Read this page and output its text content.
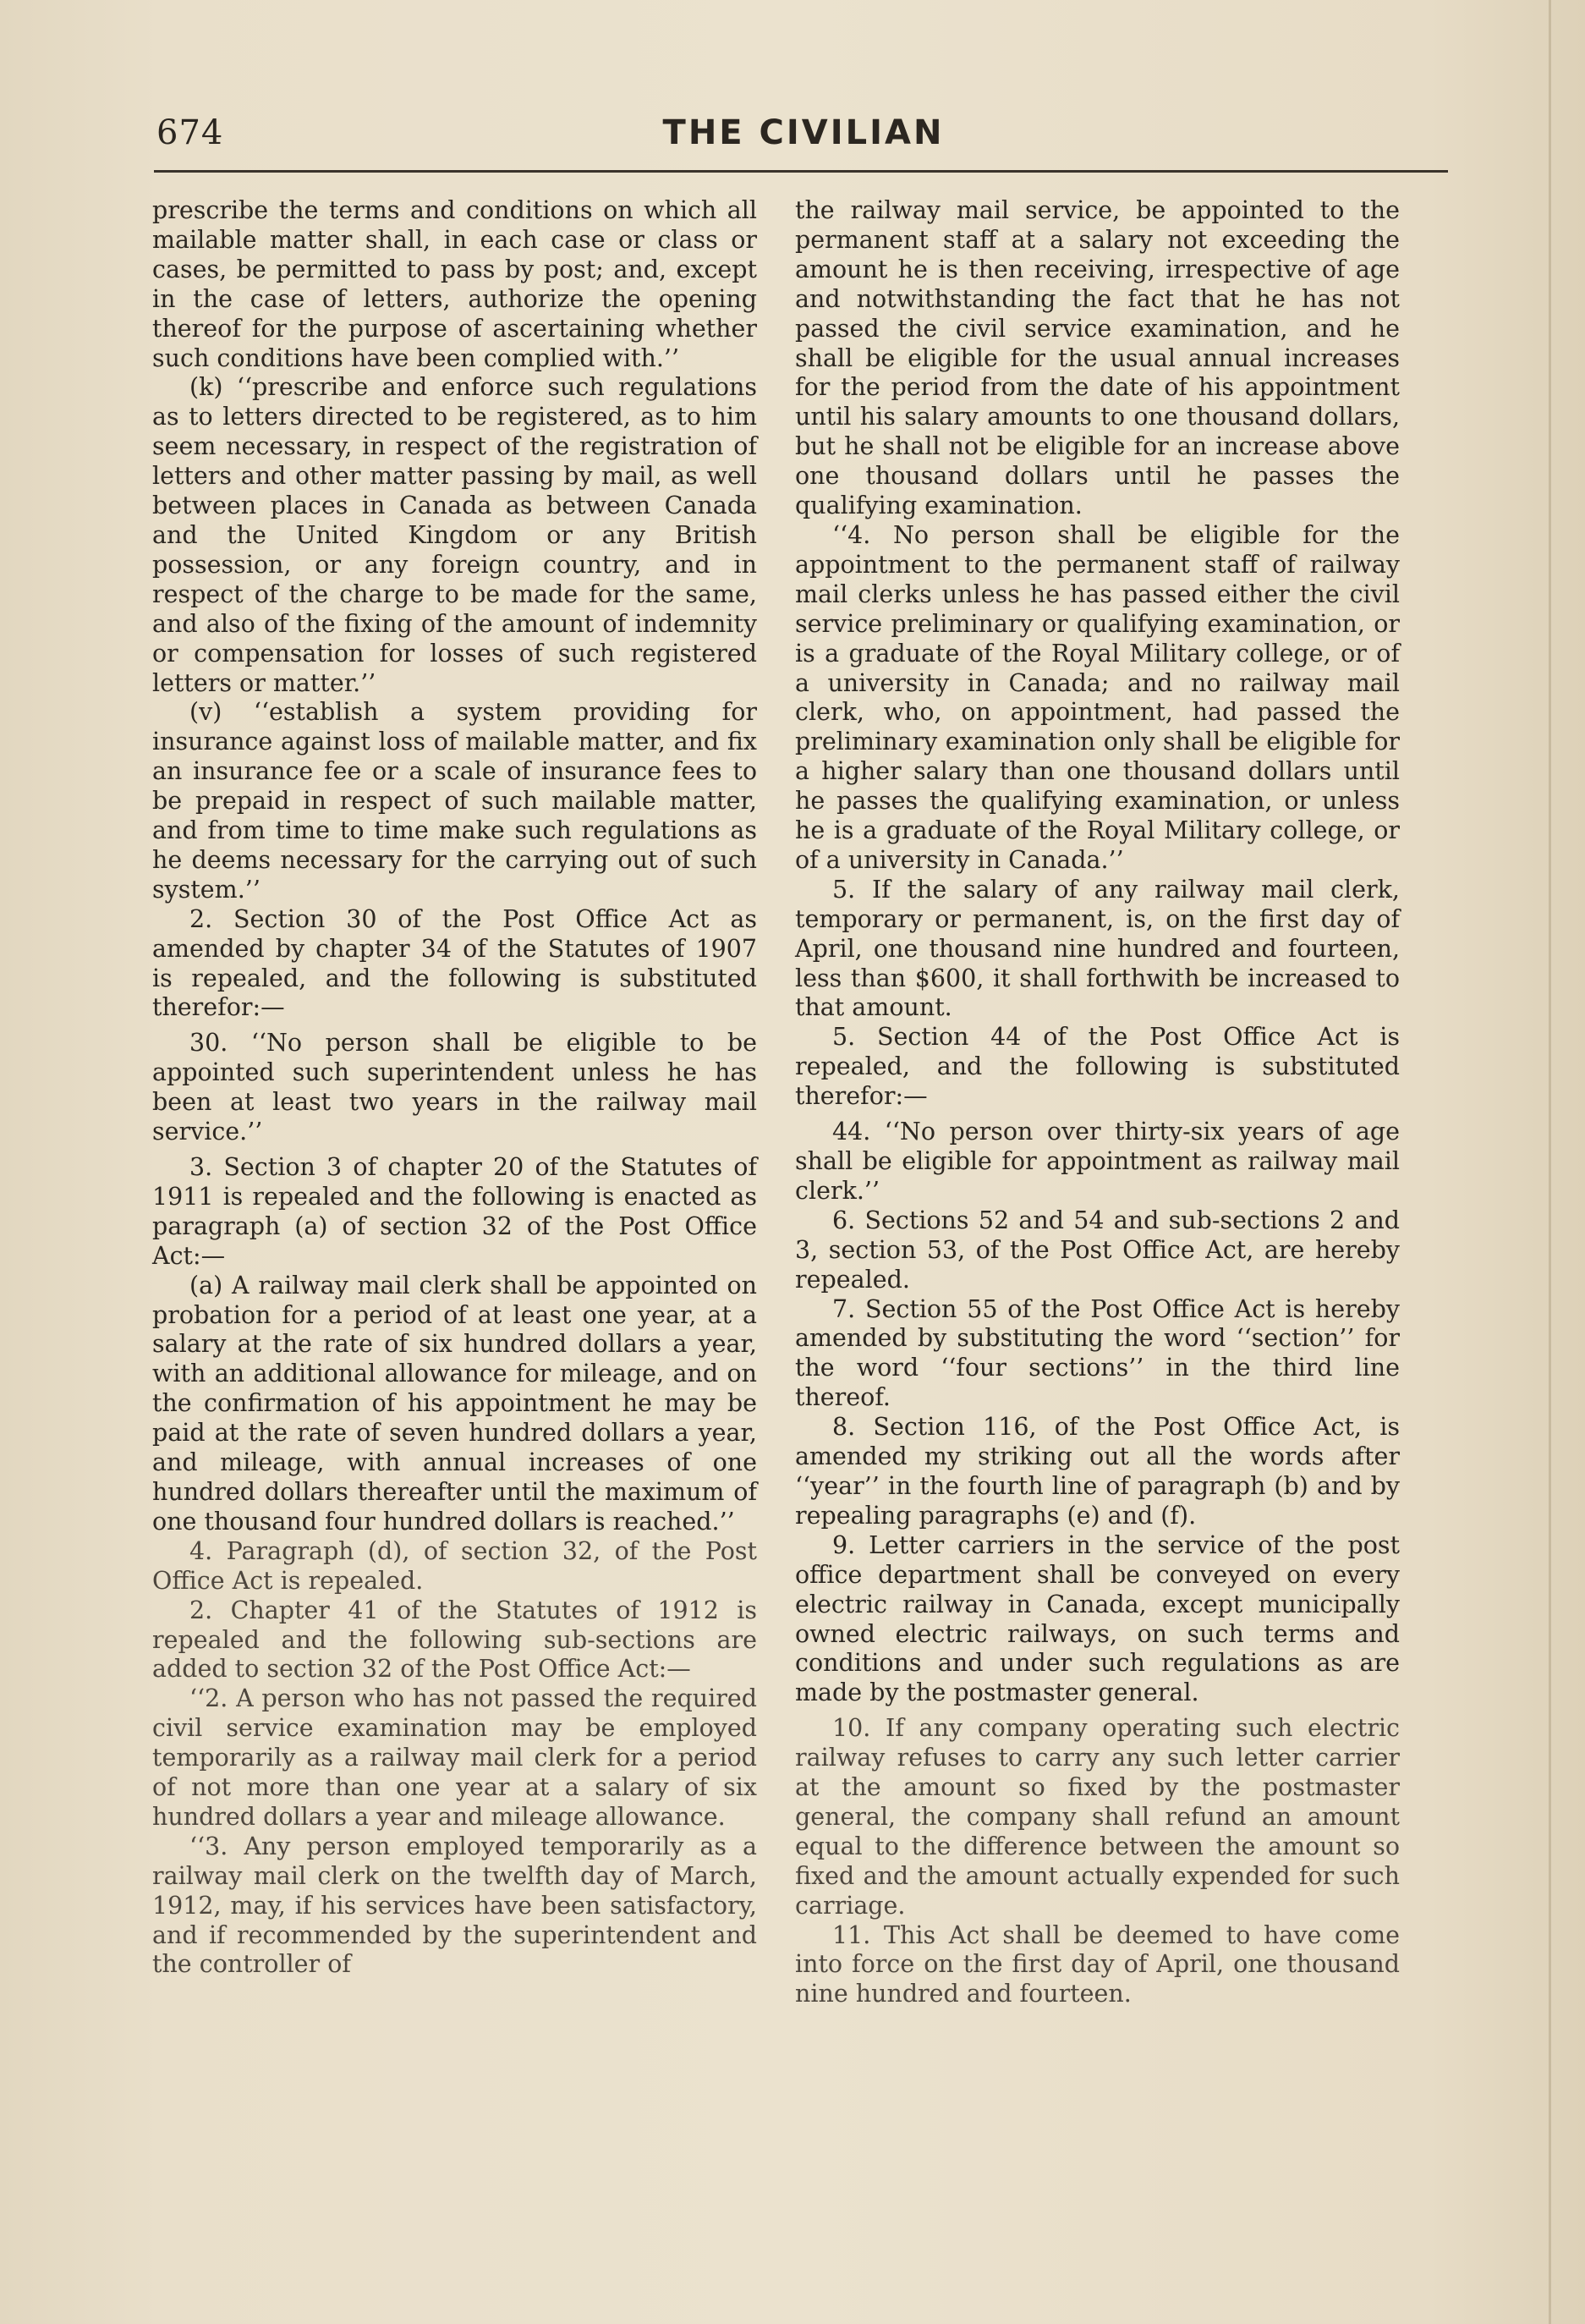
674	THE CIVILIAN

prescribe the terms and conditions on which all mailable matter shall, in each case or class or cases, be permitted to pass by post; and, except in the case of letters, authorize the opening thereof for the purpose of ascertaining whether such conditions have been complied with.’’

(k) ‘‘prescribe and enforce such regulations as to letters directed to be registered, as to him seem necessary, in respect of the registration of letters and other matter passing by mail, as well between places in Canada as between Canada and the United Kingdom or any British possession, or any foreign country, and in respect of the charge to be made for the same, and also of the fixing of the amount of indemnity or compensation for losses of such registered letters or matter.’’

(v) ‘‘establish a system providing for insurance against loss of mailable matter, and fix an insurance fee or a scale of insurance fees to be prepaid in respect of such mailable matter, and from time to time make such regulations as he deems necessary for the carrying out of such system.’’

2. Section 30 of the Post Office Act as amended by chapter 34 of the Statutes of 1907 is repealed, and the following is substituted therefor:—

30. ‘‘No person shall be eligible to be appointed such superintendent unless he has been at least two years in the railway mail service.’’

3. Section 3 of chapter 20 of the Statutes of 1911 is repealed and the following is enacted as paragraph (a) of section 32 of the Post Office Act:—

(a) A railway mail clerk shall be appointed on probation for a period of at least one year, at a salary at the rate of six hundred dollars a year, with an additional allowance for mileage, and on the confirmation of his appointment he may be paid at the rate of seven hundred dollars a year, and mileage, with annual increases of one hundred dollars thereafter until the maximum of one thousand four hundred dollars is reached.’’

4. Paragraph (d), of section 32, of the Post Office Act is repealed.

2. Chapter 41 of the Statutes of 1912 is repealed and the following sub-sections are added to section 32 of the Post Office Act:—

‘‘2. A person who has not passed the required civil service examination may be employed temporarily as a railway mail clerk for a period of not more than one year at a salary of six hundred dollars a year and mileage allowance.

‘‘3. Any person employed temporarily as a railway mail clerk on the twelfth day of March, 1912, may, if his services have been satisfactory, and if recommended by the superintendent and the controller of

the railway mail service, be appointed to the permanent staff at a salary not exceeding the amount he is then receiving, irrespective of age and notwithstanding the fact that he has not passed the civil service examination, and he shall be eligible for the usual annual increases for the period from the date of his appointment until his salary amounts to one thousand dollars, but he shall not be eligible for an increase above one thousand dollars until he passes the qualifying examination.

‘‘4. No person shall be eligible for the appointment to the permanent staff of railway mail clerks unless he has passed either the civil service preliminary or qualifying examination, or is a graduate of the Royal Military college, or of a university in Canada; and no railway mail clerk, who, on appointment, had passed the preliminary examination only shall be eligible for a higher salary than one thousand dollars until he passes the qualifying examination, or unless he is a graduate of the Royal Military college, or of a university in Canada.’’

5. If the salary of any railway mail clerk, temporary or permanent, is, on the first day of April, one thousand nine hundred and fourteen, less than $600, it shall forthwith be increased to that amount.

5. Section 44 of the Post Office Act is repealed, and the following is substituted therefor:—

44. ‘‘No person over thirty-six years of age shall be eligible for appointment as railway mail clerk.’’

6. Sections 52 and 54 and sub-sections 2 and 3, section 53, of the Post Office Act, are hereby repealed.

7. Section 55 of the Post Office Act is hereby amended by substituting the word ‘‘section’’ for the word ‘‘four sections’’ in the third line thereof.

8. Section 116, of the Post Office Act, is amended my striking out all the words after ‘‘year’’ in the fourth line of paragraph (b) and by repealing paragraphs (e) and (f).

9. Letter carriers in the service of the post office department shall be conveyed on every electric railway in Canada, except municipally owned electric railways, on such terms and conditions and under such regulations as are made by the postmaster general.

10. If any company operating such electric railway refuses to carry any such letter carrier at the amount so fixed by the postmaster general, the company shall refund an amount equal to the difference between the amount so fixed and the amount actually expended for such carriage.

11. This Act shall be deemed to have come into force on the first day of April, one thousand nine hundred and fourteen.
